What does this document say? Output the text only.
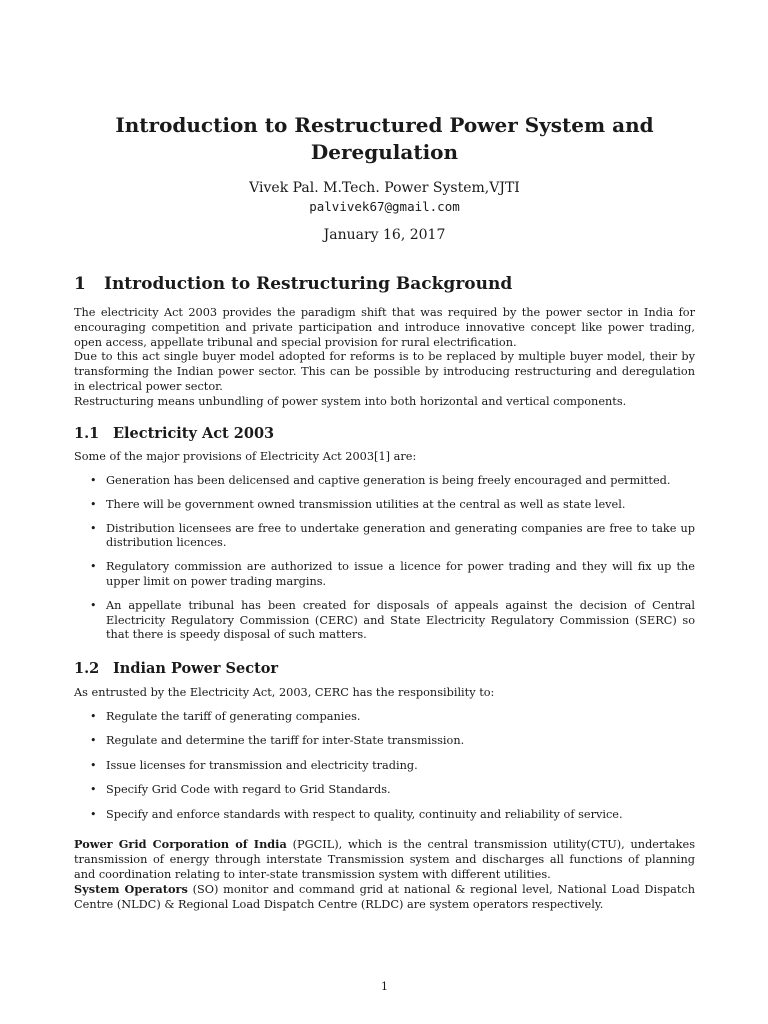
Introduction to Restructured Power System and Deregulation
Vivek Pal. M.Tech. Power System,VJTI
palvivek67@gmail.com
January 16, 2017
1 Introduction to Restructuring Background

The electricity Act 2003 provides the paradigm shift that was required by the power sector in India for encouraging competition and private participation and introduce innovative concept like power trading, open access, appellate tribunal and special provision for rural electrification.

Due to this act single buyer model adopted for reforms is to be replaced by multiple buyer model, their by transforming the Indian power sector. This can be possible by introducing restructuring and deregulation in electrical power sector.

Restructuring means unbundling of power system into both horizontal and vertical components.

1.1 Electricity Act 2003
Some of the major provisions of Electricity Act 2003[1] are:
• Generation has been delicensed and captive generation is being freely encouraged and permitted.
• There will be government owned transmission utilities at the central as well as state level.
• Distribution licensees are free to undertake generation and generating companies are free to take up distribution licences.
• Regulatory commission are authorized to issue a licence for power trading and they will fix up the upper limit on power trading margins.
• An appellate tribunal has been created for disposals of appeals against the decision of Central Electricity Regulatory Commission (CERC) and State Electricity Regulatory Commission (SERC) so that there is speedy disposal of such matters.
1.2 Indian Power Sector
As entrusted by the Electricity Act, 2003, CERC has the responsibility to:
• Regulate the tariff of generating companies.
• Regulate and determine the tariff for inter-State transmission.
• Issue licenses for transmission and electricity trading.
• Specify Grid Code with regard to Grid Standards.
• Specify and enforce standards with respect to quality, continuity and reliability of service.

Power Grid Corporation of India (PGCIL), which is the central transmission utility(CTU), undertakes transmission of energy through interstate Transmission system and discharges all functions of planning and coordination relating to inter-state transmission system with different utilities.

System Operators (SO) monitor and command grid at national & regional level, National Load Dispatch Centre (NLDC) & Regional Load Dispatch Centre (RLDC) are system operators respectively.

1
